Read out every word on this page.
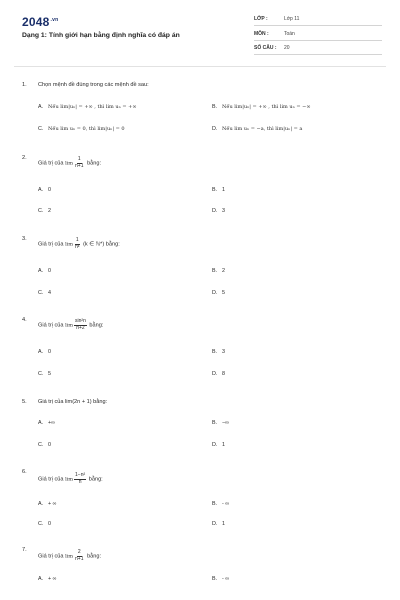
$2048^{.vn}$
Dạng 1: Tính giới hạn bằng định nghĩa có đáp án
LỚP :	Lớp 11
MÔN :	Toán
SỐ CÂU : 20
1. Chọn mệnh đề đúng trong các mệnh đề sau:
A. Nếu lim|uₙ| = +∞ , thì lim uₙ = +∞	B. Nếu lim|uₙ| = +∞ , thì lim uₙ = −∞
C. Nếu lim uₙ = 0, thì lim|uₙ| = 0	D. Nếu lim uₙ = −a, thì lim|uₙ| = a
2.
Giá trị của $\lim \frac{1}{n+1}$ bằng:
A. 0	B. 1
C. 2	D. 3
3.
Giá trị của $\lim \frac{1}{\text{nᵏ}} (k$ ∈ ℕ*) bằng:
A. 0	B. 2
C. 4	D. 5
4.
Giá trị của $\lim \frac{\text{sin²n}}{n+2}$ bằng:
A. 0	B. 3
C. 5	D. 8
5. Giá trị của lim(2n + 1) bằng:
A. +∞	B. −∞
C. 0	D. 1
6.
Giá trị của $\lim \frac{\text{1−n²}}{n}$ bằng:
A. + ∞	B. - ∞
C. 0	D. 1
7.
Giá trị của $\lim \frac{2}{n+1}$ bằng:
A. + ∞	B. - ∞
